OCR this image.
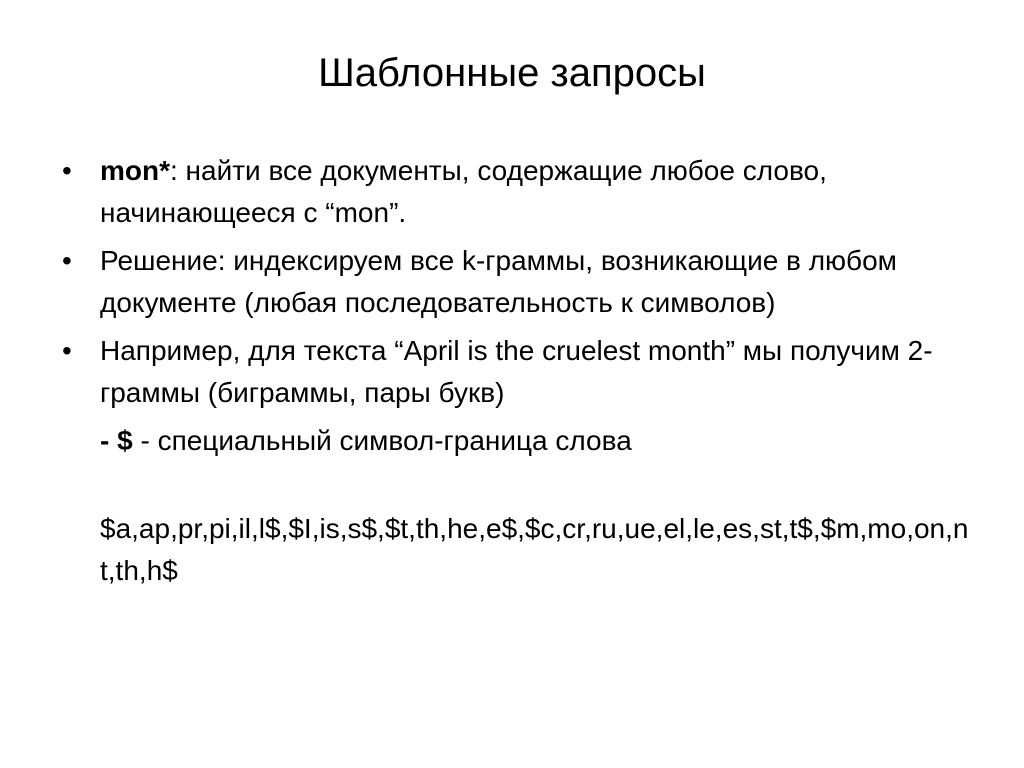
Шаблонные запросы
• mon*: найти все документы, содержащие любое слово, начинающееся с “mon”.
• Решение: индексируем все k-граммы, возникающие в любом документе (любая последовательность к символов)
• Например, для текста “April is the cruelest month” мы получим 2-граммы (биграммы, пары букв)
- $ - специальный символ-граница слова
$a,ap,pr,pi,il,l$,$I,is,s$,$t,th,he,e$,$c,cr,ru,ue,el,le,es,st,t$,$m,mo,on,nt,th,h$
